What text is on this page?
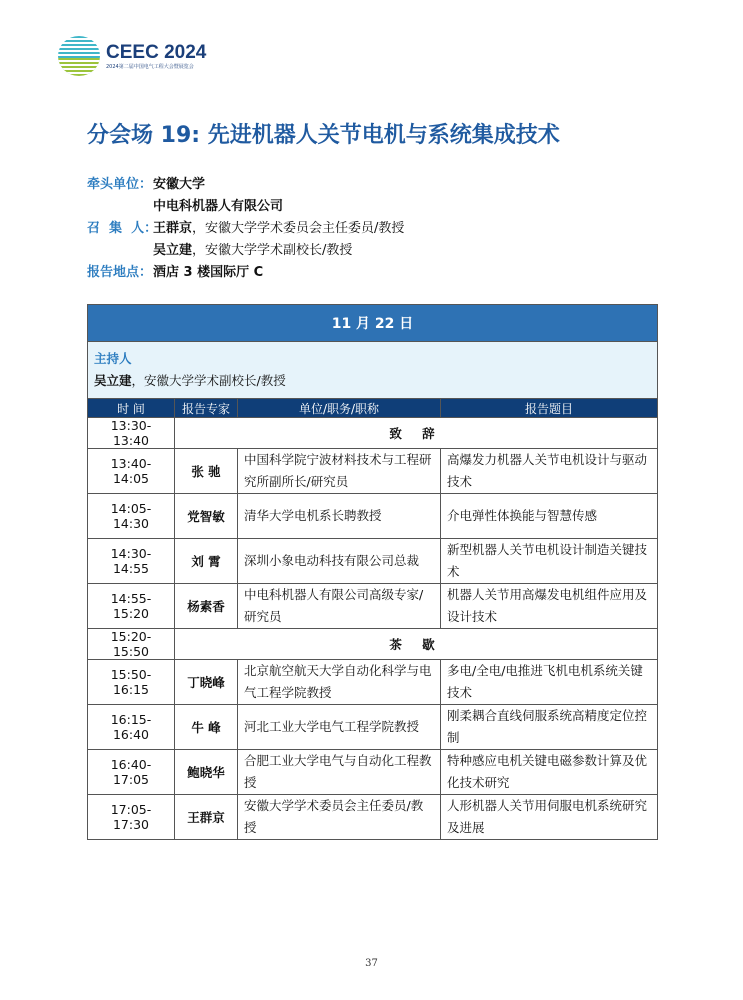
CEEC 2024
2024第二届中国电气工程大会暨展览会
分会场 19: 先进机器人关节电机与系统集成技术
牵头单位： 安徽大学
中电科机器人有限公司
召  集  人：
王群京 ，安徽大学学术委员会主任委员/教授
吴立建 ，安徽大学学术副校长/教授
报告地点： 酒店 3 楼国际厅 C
11 月 22 日			

主持人
吴立建，安徽大学学术副校长/教授			

时 间	报告专家	单位/职务/职称	报告题目
13:30-13:40	致 辞		
13:40-14:05	张 驰	中国科学院宁波材料技术与工程研究所副所长/研究员	高爆发力机器人关节电机设计与驱动技术
14:05-14:30	党智敏	清华大学电机系长聘教授	介电弹性体换能与智慧传感
14:30-14:55	刘 霄	深圳小象电动科技有限公司总裁	新型机器人关节电机设计制造关键技术
14:55-15:20	杨素香	中电科机器人有限公司高级专家/研究员	机器人关节用高爆发电机组件应用及设计技术
15:20-15:50	茶 歇		
15:50-16:15	丁晓峰	北京航空航天大学自动化科学与电气工程学院教授	多电/全电/电推进飞机电机系统关键技术
16:15-16:40	牛 峰	河北工业大学电气工程学院教授	刚柔耦合直线伺服系统高精度定位控制
16:40-17:05	鲍晓华	合肥工业大学电气与自动化工程教授	特种感应电机关键电磁参数计算及优化技术研究
17:05-17:30	王群京	安徽大学学术委员会主任委员/教授	人形机器人关节用伺服电机系统研究及进展
37
